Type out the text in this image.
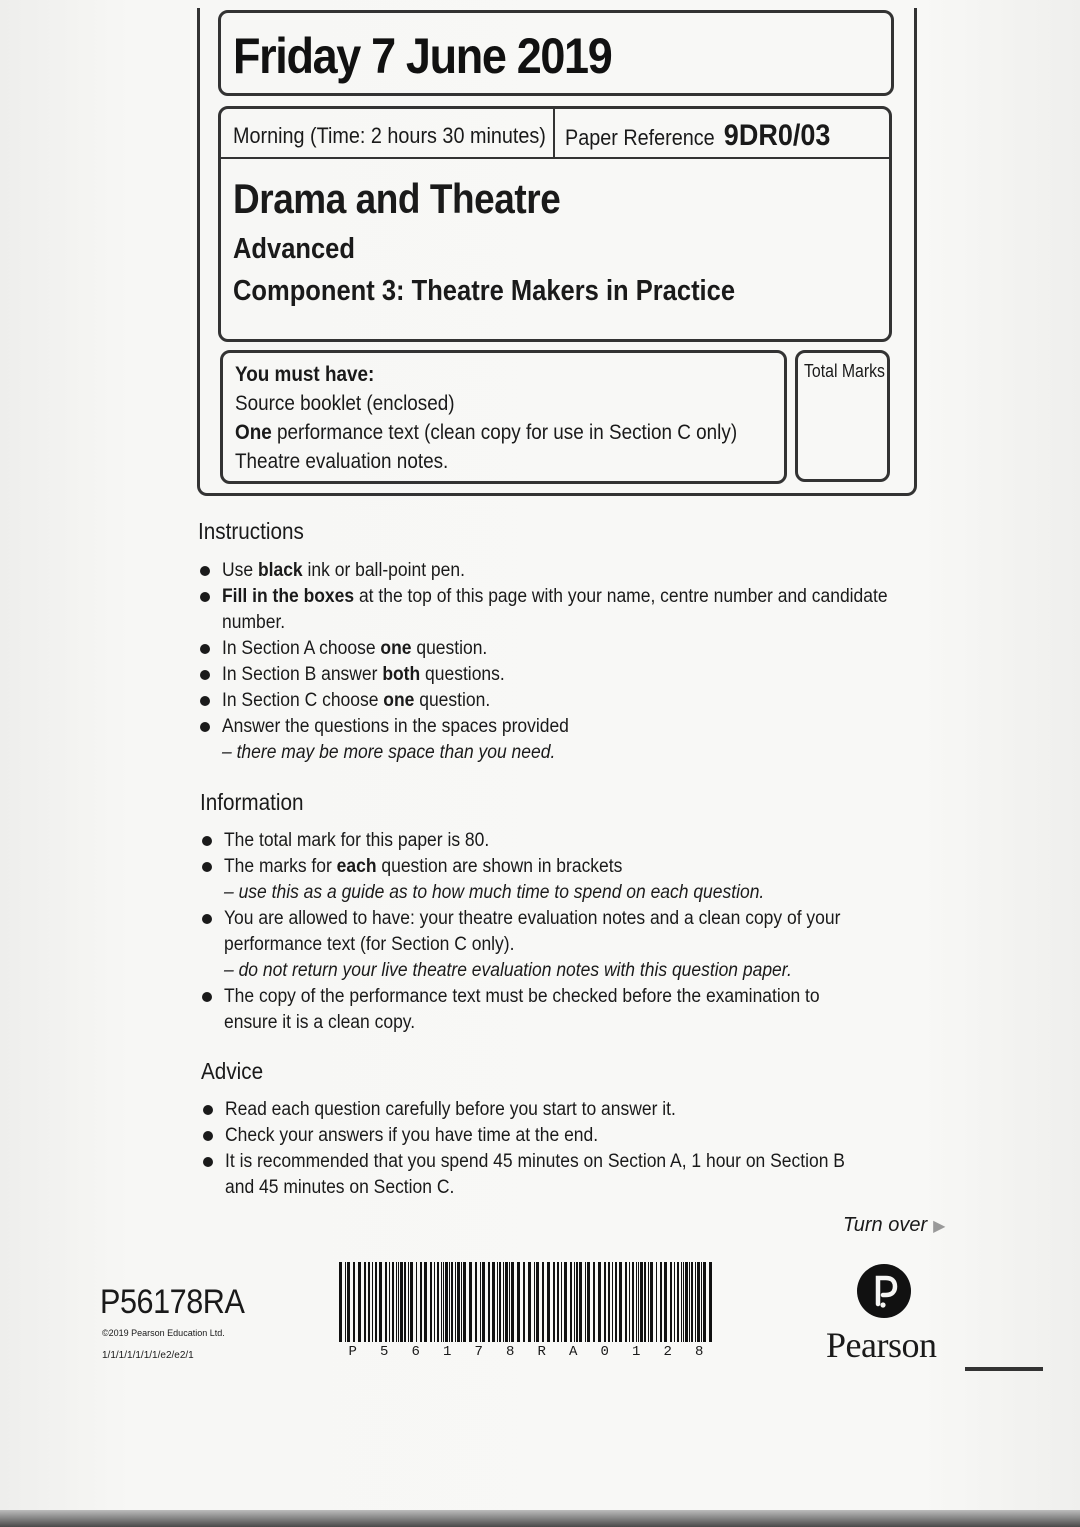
Friday 7 June 2019
Morning (Time: 2 hours 30 minutes) Paper Reference 9DR0/03
Drama and Theatre
Advanced
Component 3: Theatre Makers in Practice
You must have:
Source booklet (enclosed)
One performance text (clean copy for use in Section C only)
Theatre evaluation notes.
Total Marks
Instructions
Use black ink or ball-point pen.
Fill in the boxes at the top of this page with your name, centre number and candidate
number.
In Section A choose one question.
In Section B answer both questions.
In Section C choose one question.
Answer the questions in the spaces provided
– there may be more space than you need.
Information
The total mark for this paper is 80.
The marks for each question are shown in brackets
– use this as a guide as to how much time to spend on each question.
You are allowed to have: your theatre evaluation notes and a clean copy of your
performance text (for Section C only).
– do not return your live theatre evaluation notes with this question paper.
The copy of the performance text must be checked before the examination to
ensure it is a clean copy.
Advice
Read each question carefully before you start to answer it.
Check your answers if you have time at the end.
It is recommended that you spend 45 minutes on Section A, 1 hour on Section B
and 45 minutes on Section C.
Turn over ▶
P56178RA
©2019 Pearson Education Ltd.
1/1/1/1/1/1/1/e2/e2/1	P 5 6 1 7 8 R A 0 1 2 8	Pearson
